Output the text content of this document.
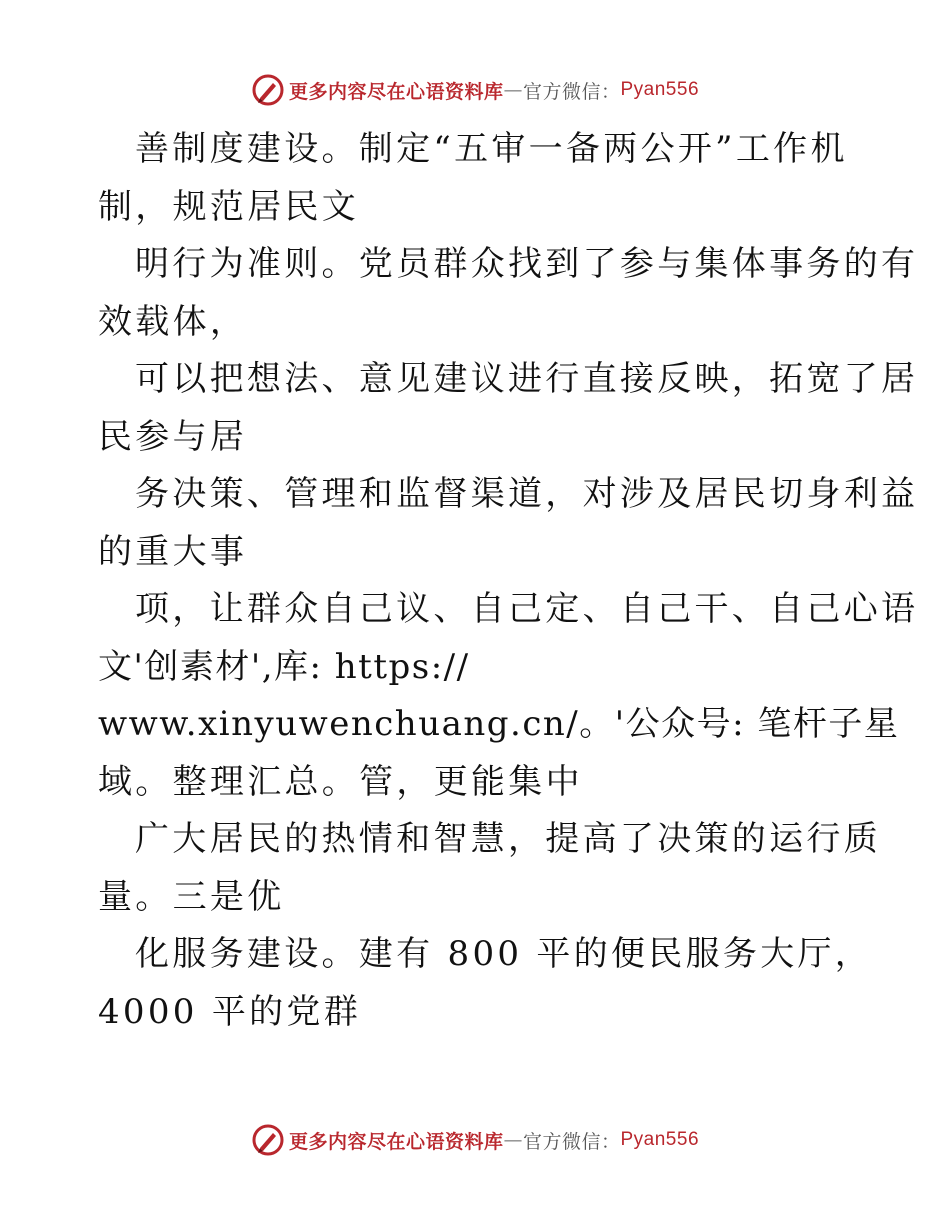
更多内容尽在心语资料库 — 官方微信： Pyan556
善制度建设。制定“五审一备两公开”工作机
制，规范居民文
明行为准则。党员群众找到了参与集体事务的有
效载体，
可以把想法、意见建议进行直接反映，拓宽了居
民参与居
务决策、管理和监督渠道，对涉及居民切身利益
的重大事
项，让群众自己议、自己定、自己干、自己心语
文'创素材',库: https://
www.xinyuwenchuang.cn/。'公众号: 笔杆子星
域。整理汇总。管，更能集中
广大居民的热情和智慧，提高了决策的运行质
量。三是优
化服务建设。建有 800 平的便民服务大厅，
4000 平的党群
更多内容尽在心语资料库 — 官方微信： Pyan556
